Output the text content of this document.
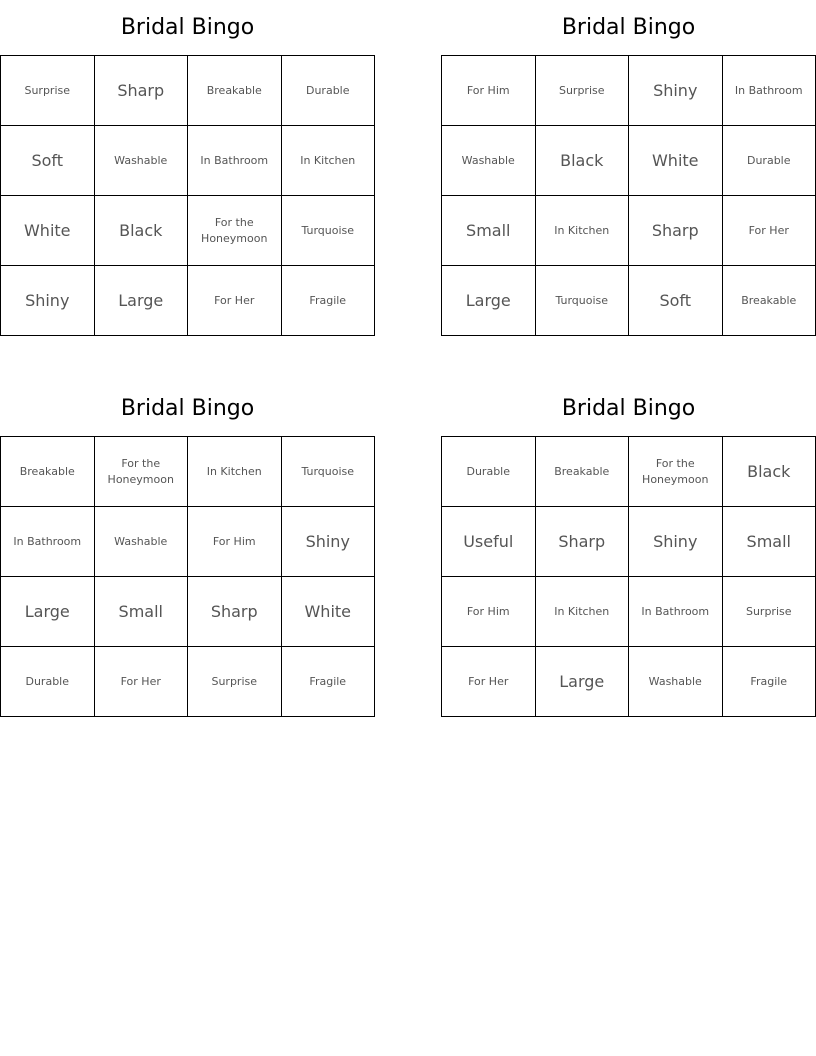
Bridal Bingo
Surprise	Sharp	Breakable	Durable
Soft	Washable	In Bathroom	In Kitchen
White	Black	For the Honeymoon	Turquoise
Shiny	Large	For Her	Fragile
Bridal Bingo
For Him	Surprise	Shiny	In Bathroom
Washable	Black	White	Durable
Small	In Kitchen	Sharp	For Her
Large	Turquoise	Soft	Breakable
Bridal Bingo
Breakable	For the Honeymoon	In Kitchen	Turquoise
In Bathroom	Washable	For Him	Shiny
Large	Small	Sharp	White
Durable	For Her	Surprise	Fragile
Bridal Bingo
Durable	Breakable	For the Honeymoon	Black
Useful	Sharp	Shiny	Small
For Him	In Kitchen	In Bathroom	Surprise
For Her	Large	Washable	Fragile
